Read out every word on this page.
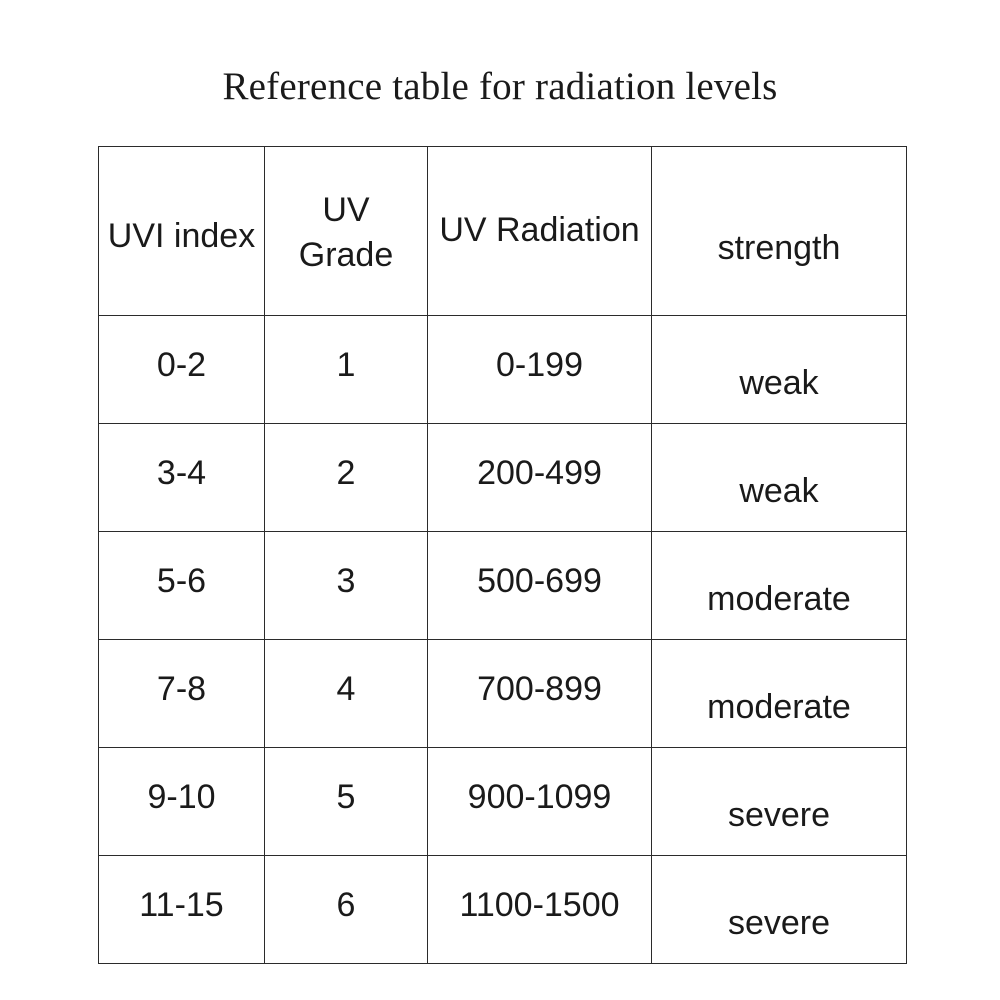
Reference table for radiation levels
UVI index	UV Grade	UV Radiation	strength

0-2	1	0-199	weak

3-4	2	200-499	weak

5-6	3	500-699	moderate

7-8	4	700-899	moderate

9-10	5	900-1099	severe

11-15	6	1100-1500	severe
